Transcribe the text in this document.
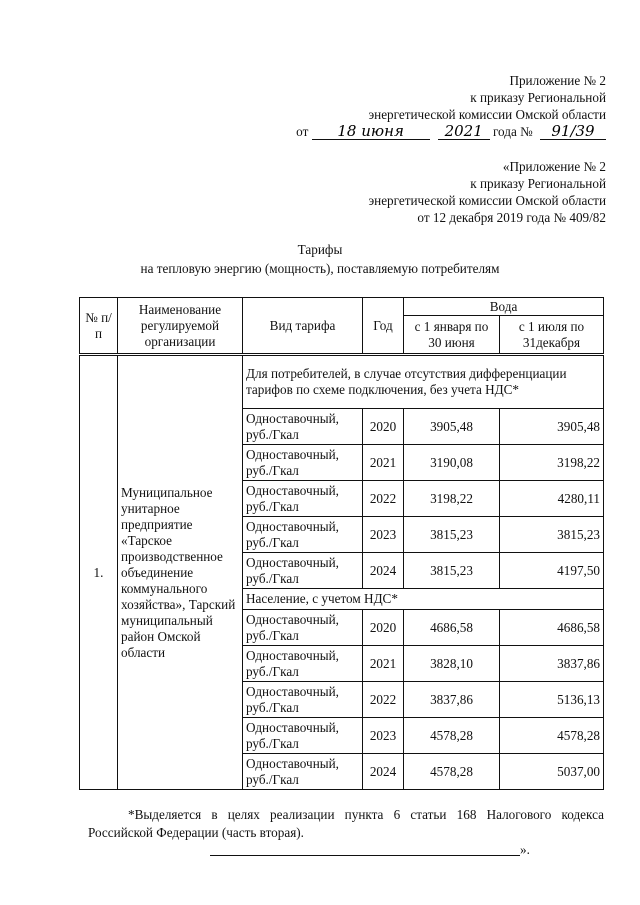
Приложение № 2
к приказу Региональной
энергетической комиссии Омской области
от 18 июня	2021 года № 91/39
«Приложение № 2
к приказу Региональной
энергетической комиссии Омской области
от 12 декабря 2019 года № 409/82
Тарифы
на тепловую энергию (мощность), поставляемую потребителям
№ п/п	Наименование регулируемой организации	Вид тарифа	Год	Вода	
				с 1 января по 30 июня	с 1 июля по 31декабря
1.	Муниципальное унитарное предприятие «Тарское производственное объединение коммунального хозяйства», Тарский муниципальный район Омской области	Для потребителей, в случае отсутствия дифференциации тарифов по схеме подключения, без учета НДС*			
		Одноставочный, руб./Гкал	2020	3905,48	3905,48
		Одноставочный, руб./Гкал	2021	3190,08	3198,22
		Одноставочный, руб./Гкал	2022	3198,22	4280,11
		Одноставочный, руб./Гкал	2023	3815,23	3815,23
		Одноставочный, руб./Гкал	2024	3815,23	4197,50
		Население, с учетом НДС*			
		Одноставочный, руб./Гкал	2020	4686,58	4686,58
		Одноставочный, руб./Гкал	2021	3828,10	3837,86
		Одноставочный, руб./Гкал	2022	3837,86	5136,13
		Одноставочный, руб./Гкал	2023	4578,28	4578,28
		Одноставочный, руб./Гкал	2024	4578,28	5037,00
*Выделяется в целях реализации пункта 6 статьи 168 Налогового кодекса Российской Федерации (часть вторая).
».
